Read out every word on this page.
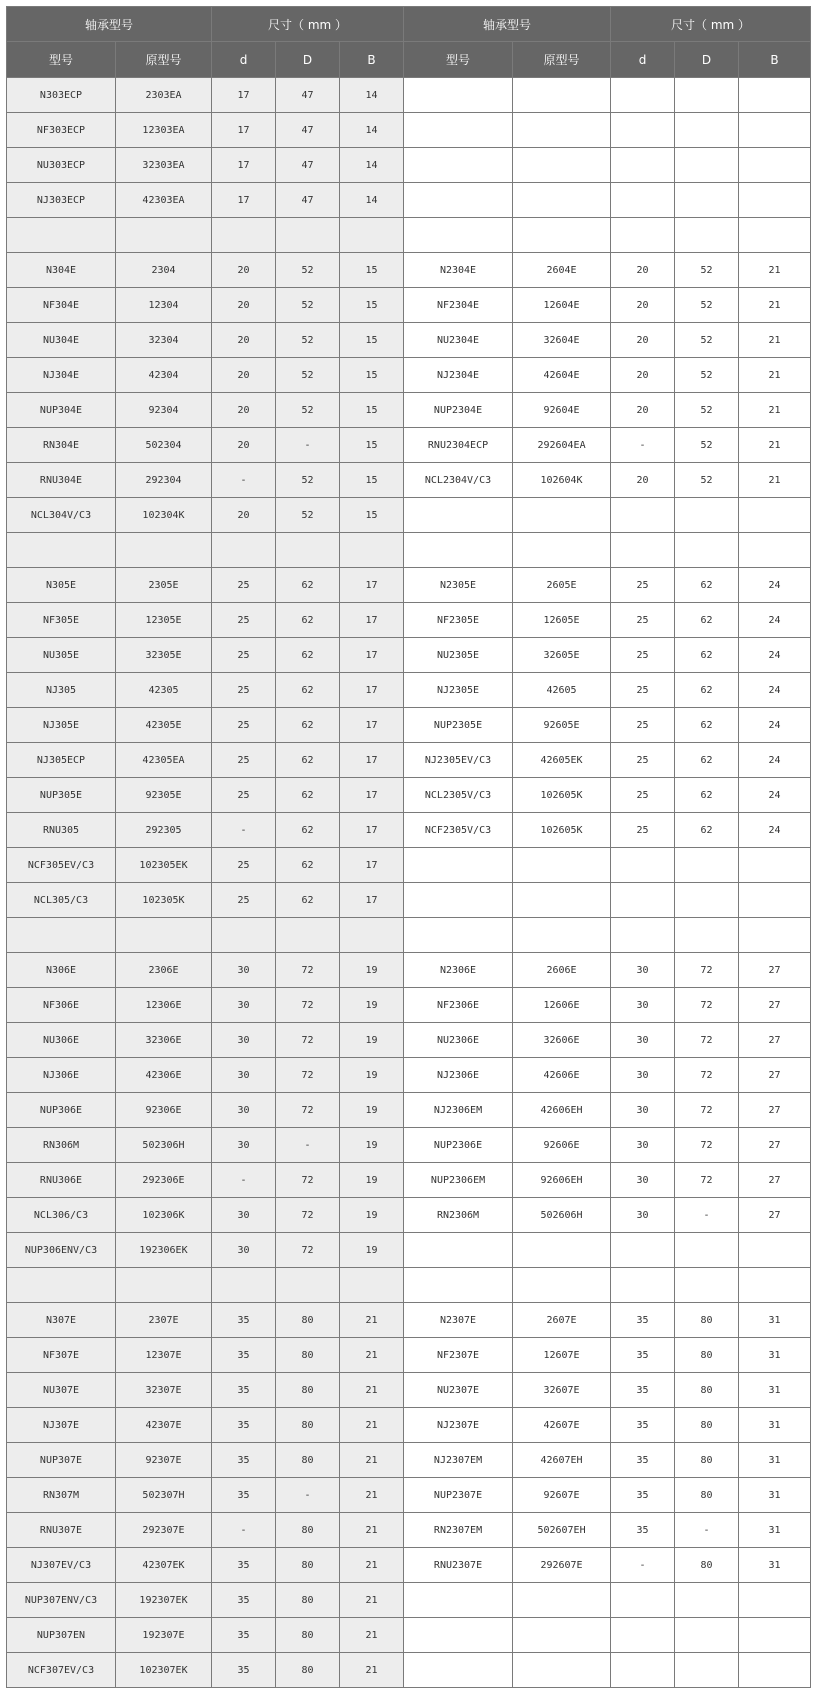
轴承型号		尺寸（ mm ）			轴承型号		尺寸（ mm ）		
型号	原型号	d	D	B	型号	原型号	d	D	B
N303ECP	2303EA	17	47	14					
NF303ECP	12303EA	17	47	14					
NU303ECP	32303EA	17	47	14					
NJ303ECP	42303EA	17	47	14					

N304E	2304	20	52	15	N2304E	2604E	20	52	21
NF304E	12304	20	52	15	NF2304E	12604E	20	52	21
NU304E	32304	20	52	15	NU2304E	32604E	20	52	21
NJ304E	42304	20	52	15	NJ2304E	42604E	20	52	21
NUP304E	92304	20	52	15	NUP2304E	92604E	20	52	21
RN304E	502304	20	-	15	RNU2304ECP	292604EA	-	52	21
RNU304E	292304	-	52	15	NCL2304V/C3	102604K	20	52	21
NCL304V/C3	102304K	20	52	15					

N305E	2305E	25	62	17	N2305E	2605E	25	62	24
NF305E	12305E	25	62	17	NF2305E	12605E	25	62	24
NU305E	32305E	25	62	17	NU2305E	32605E	25	62	24
NJ305	42305	25	62	17	NJ2305E	42605	25	62	24
NJ305E	42305E	25	62	17	NUP2305E	92605E	25	62	24
NJ305ECP	42305EA	25	62	17	NJ2305EV/C3	42605EK	25	62	24
NUP305E	92305E	25	62	17	NCL2305V/C3	102605K	25	62	24
RNU305	292305	-	62	17	NCF2305V/C3	102605K	25	62	24
NCF305EV/C3	102305EK	25	62	17					
NCL305/C3	102305K	25	62	17					

N306E	2306E	30	72	19	N2306E	2606E	30	72	27
NF306E	12306E	30	72	19	NF2306E	12606E	30	72	27
NU306E	32306E	30	72	19	NU2306E	32606E	30	72	27
NJ306E	42306E	30	72	19	NJ2306E	42606E	30	72	27
NUP306E	92306E	30	72	19	NJ2306EM	42606EH	30	72	27
RN306M	502306H	30	-	19	NUP2306E	92606E	30	72	27
RNU306E	292306E	-	72	19	NUP2306EM	92606EH	30	72	27
NCL306/C3	102306K	30	72	19	RN2306M	502606H	30	-	27
NUP306ENV/C3	192306EK	30	72	19					

N307E	2307E	35	80	21	N2307E	2607E	35	80	31
NF307E	12307E	35	80	21	NF2307E	12607E	35	80	31
NU307E	32307E	35	80	21	NU2307E	32607E	35	80	31
NJ307E	42307E	35	80	21	NJ2307E	42607E	35	80	31
NUP307E	92307E	35	80	21	NJ2307EM	42607EH	35	80	31
RN307M	502307H	35	-	21	NUP2307E	92607E	35	80	31
RNU307E	292307E	-	80	21	RN2307EM	502607EH	35	-	31
NJ307EV/C3	42307EK	35	80	21	RNU2307E	292607E	-	80	31
NUP307ENV/C3	192307EK	35	80	21					
NUP307EN	192307E	35	80	21					
NCF307EV/C3	102307EK	35	80	21					
